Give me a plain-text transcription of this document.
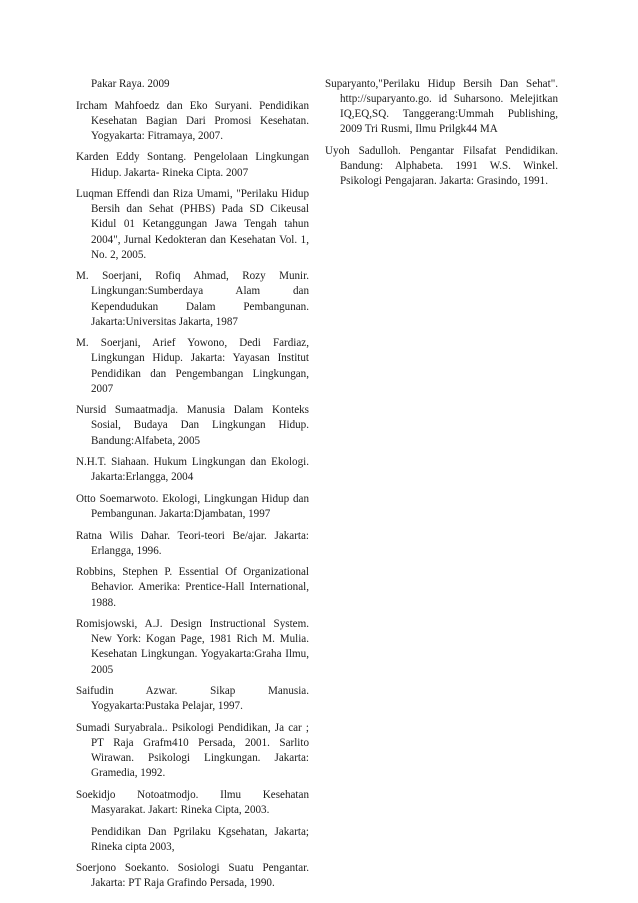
Pakar Raya. 2009

Ircham Mahfoedz dan Eko Suryani. Pendidikan Kesehatan Bagian Dari Promosi Kesehatan. Yogyakarta: Fitramaya, 2007.

Karden Eddy Sontang. Pengelolaan Lingkungan Hidup. Jakarta- Rineka Cipta. 2007

Luqman Effendi dan Riza Umami, "Perilaku Hidup Bersih dan Sehat (PHBS) Pada SD Cikeusal Kidul 01 Ketanggungan Jawa Tengah tahun 2004", Jurnal Kedokteran dan Kesehatan Vol. 1, No. 2, 2005.

M. Soerjani, Rofiq Ahmad, Rozy Munir. Lingkungan:Sumberdaya Alam dan Kependudukan Dalam Pembangunan. Jakarta:Universitas Jakarta, 1987

M. Soerjani, Arief Yowono, Dedi Fardiaz, Lingkungan Hidup. Jakarta: Yayasan Institut Pendidikan dan Pengembangan Lingkungan, 2007

Nursid Sumaatmadja. Manusia Dalam Konteks Sosial, Budaya Dan Lingkungan Hidup. Bandung:Alfabeta, 2005

N.H.T. Siahaan. Hukum Lingkungan dan Ekologi. Jakarta:Erlangga, 2004

Otto Soemarwoto. Ekologi, Lingkungan Hidup dan Pembangunan. Jakarta:Djambatan, 1997

Ratna Wilis Dahar. Teori-teori Be/ajar. Jakarta: Erlangga, 1996.

Robbins, Stephen P. Essential Of Organizational Behavior. Amerika: Prentice-Hall International, 1988.

Romisjowski, A.J. Design Instructional System. New York: Kogan Page, 1981 Rich M. Mulia. Kesehatan Lingkungan. Yogyakarta:Graha Ilmu, 2005

Saifudin Azwar. Sikap Manusia. Yogyakarta:Pustaka Pelajar, 1997.

Sumadi Suryabrala.. Psikologi Pendidikan, Ja car ; PT Raja Grafm410 Persada, 2001. Sarlito Wirawan. Psikologi Lingkungan. Jakarta: Gramedia, 1992.

Soekidjo Notoatmodjo. Ilmu Kesehatan Masyarakat. Jakart: Rineka Cipta, 2003.

Pendidikan Dan Pgrilaku Kgsehatan, Jakarta; Rineka cipta 2003,

Soerjono Soekanto. Sosiologi Suatu Pengantar. Jakarta: PT Raja Grafindo Persada, 1990.

Suparyanto,"Perilaku Hidup Bersih Dan Sehat". http://suparyanto.go. id Suharsono. Melejitkan IQ,EQ,SQ. Tanggerang:Ummah Publishing, 2009 Tri Rusmi, Ilmu Prilgk44 MA

Uyoh Sadulloh. Pengantar Filsafat Pendidikan. Bandung: Alphabeta. 1991 W.S. Winkel. Psikologi Pengajaran. Jakarta: Grasindo, 1991.
